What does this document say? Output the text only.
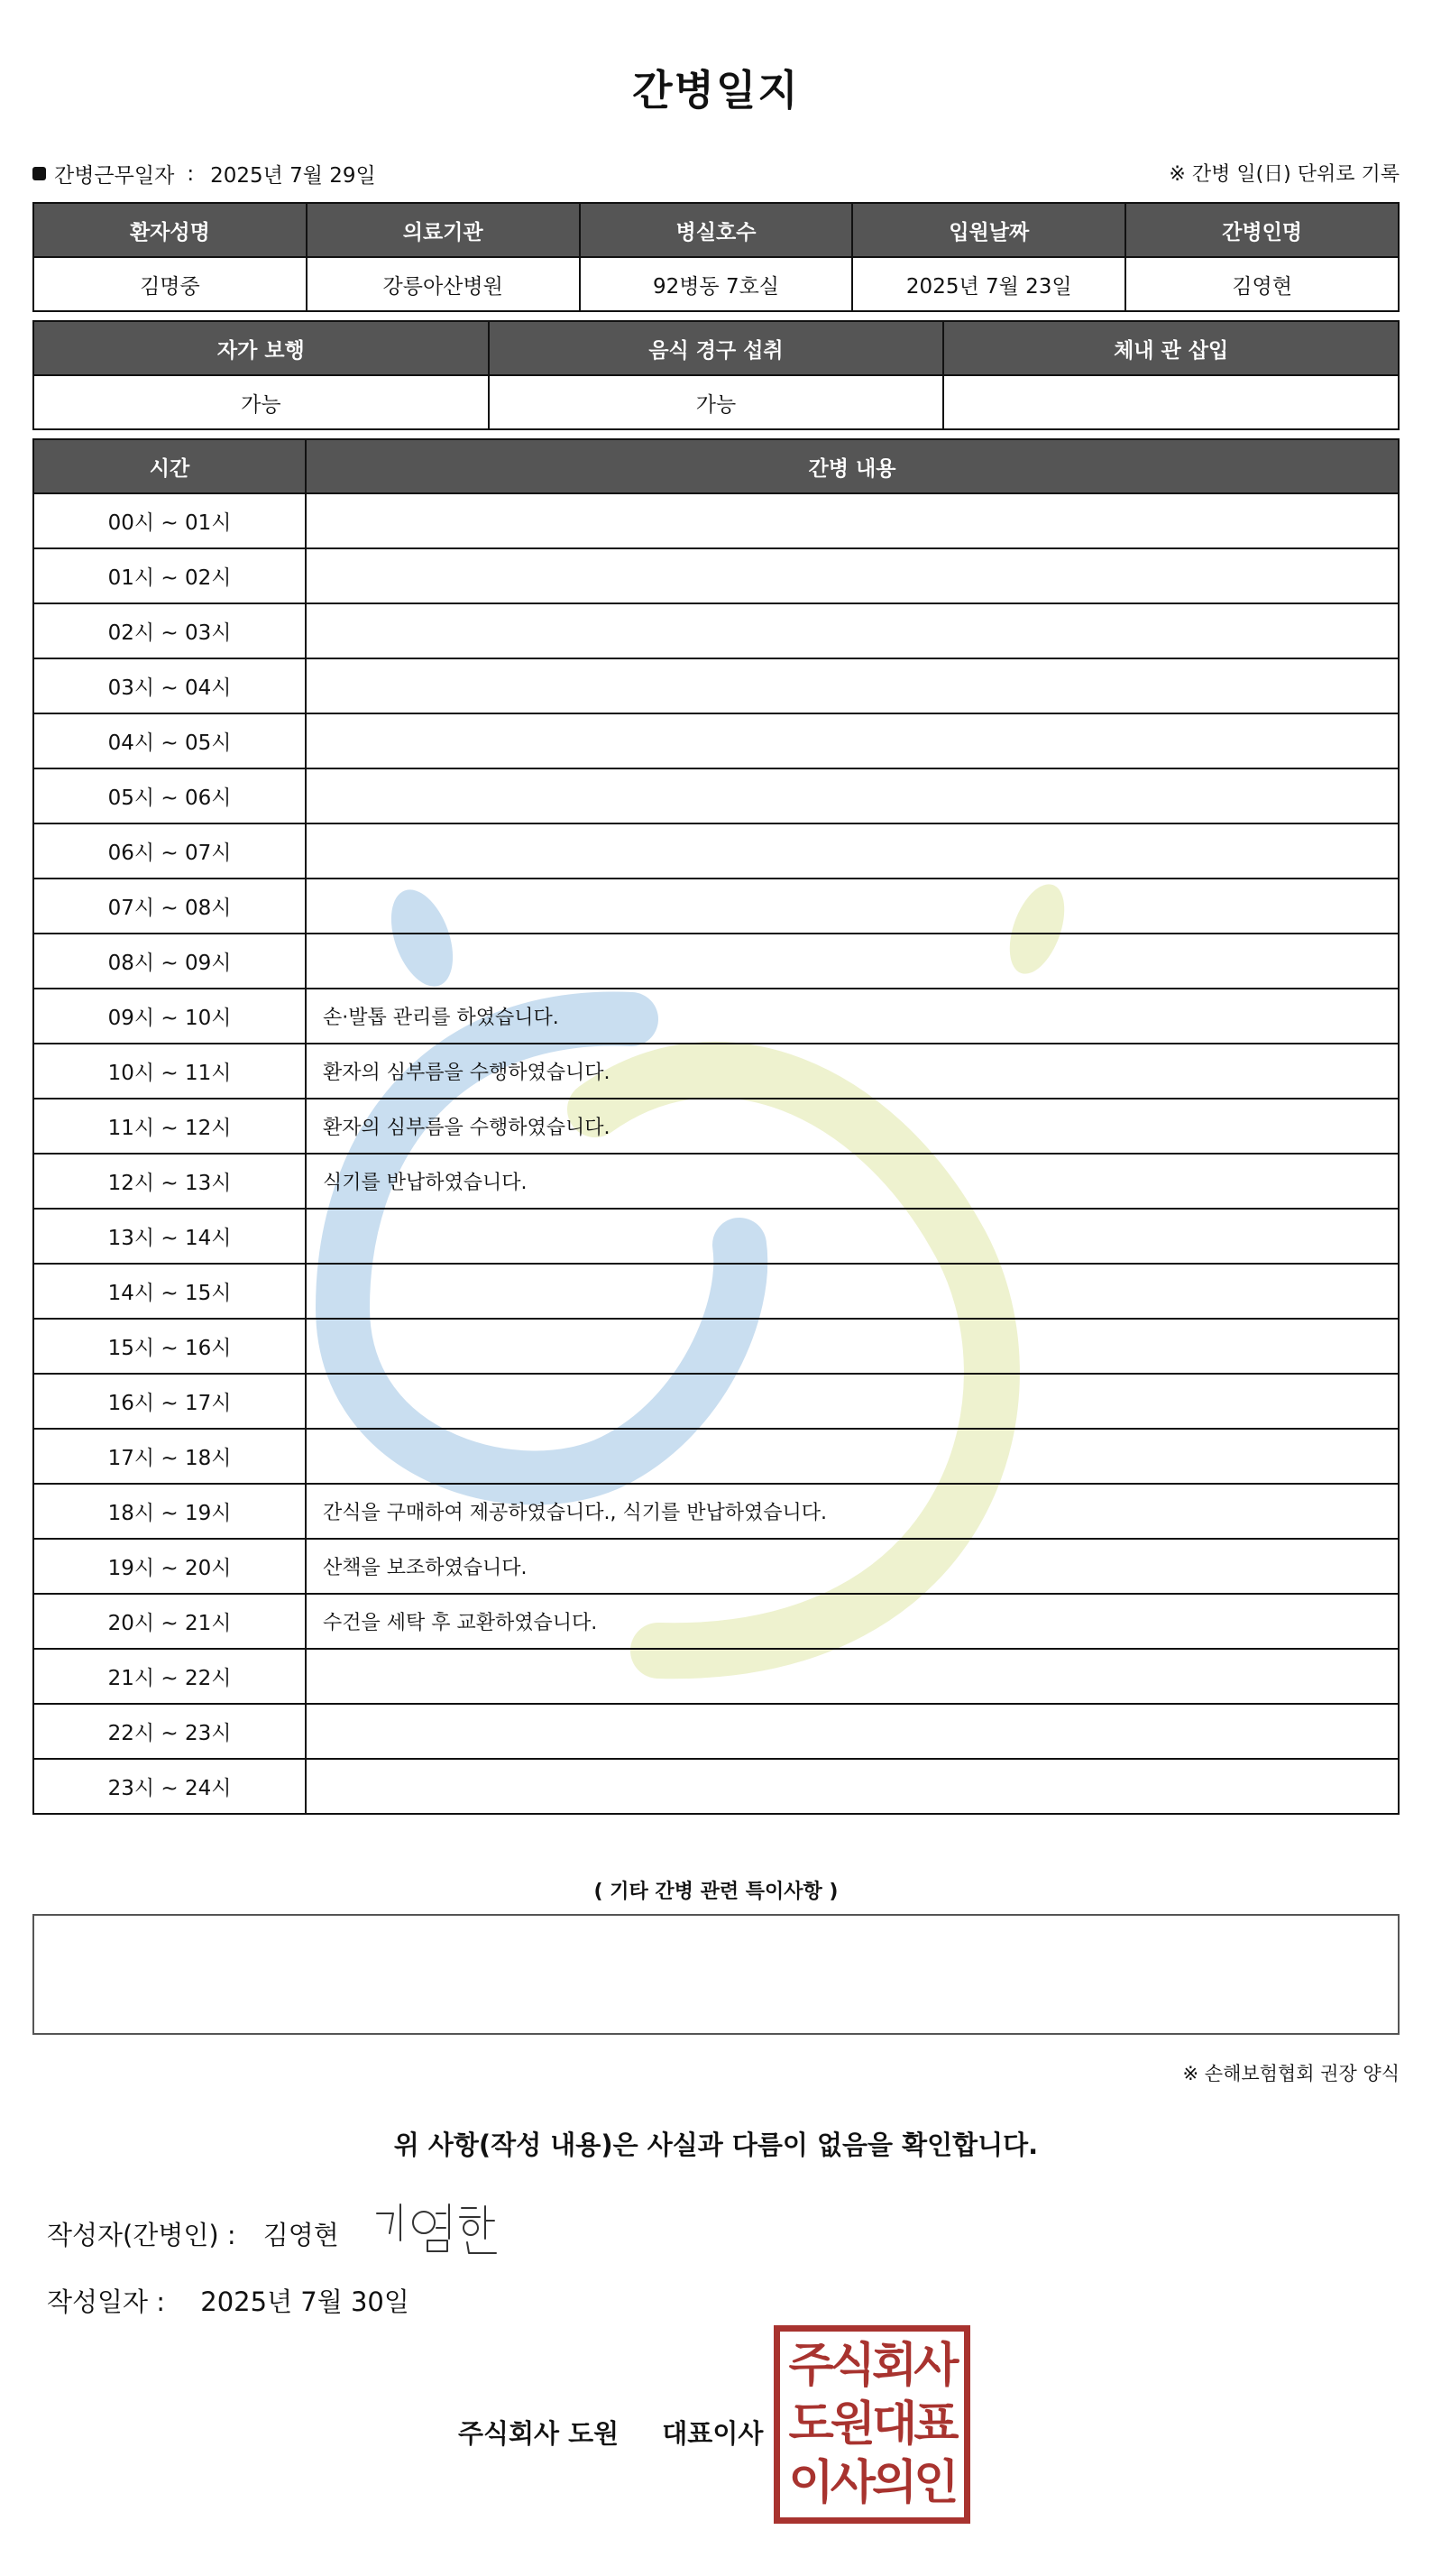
간병일지
간병근무일자 : 2025년 7월 29일	※ 간병 일(日) 단위로 기록
환자성명	의료기관	병실호수	입원날짜	간병인명
김명중	강릉아산병원	92병동 7호실	2025년 7월 23일	김영현
자가 보행	음식 경구 섭취	체내 관 삽입
가능	가능	
시간	간병 내용
00시 ~ 01시	
01시 ~ 02시	
02시 ~ 03시	
03시 ~ 04시	
04시 ~ 05시	
05시 ~ 06시	
06시 ~ 07시	
07시 ~ 08시	
08시 ~ 09시	
09시 ~ 10시	손·발톱 관리를 하였습니다.
10시 ~ 11시	환자의 심부름을 수행하였습니다.
11시 ~ 12시	환자의 심부름을 수행하였습니다.
12시 ~ 13시	식기를 반납하였습니다.
13시 ~ 14시	
14시 ~ 15시	
15시 ~ 16시	
16시 ~ 17시	
17시 ~ 18시	
18시 ~ 19시	간식을 구매하여 제공하였습니다., 식기를 반납하였습니다.
19시 ~ 20시	산책을 보조하였습니다.
20시 ~ 21시	수건을 세탁 후 교환하였습니다.
21시 ~ 22시	
22시 ~ 23시	
23시 ~ 24시	
( 기타 간병 관련 특이사항 )
※ 손해보험협회 권장 양식
위 사항(작성 내용)은 사실과 다름이 없음을 확인합니다.
작성자(간병인) : 김영현
작성일자 : 2025년 7월 30일
주식회사 도원 대표이사
주식회사
도원대표
이사의인
